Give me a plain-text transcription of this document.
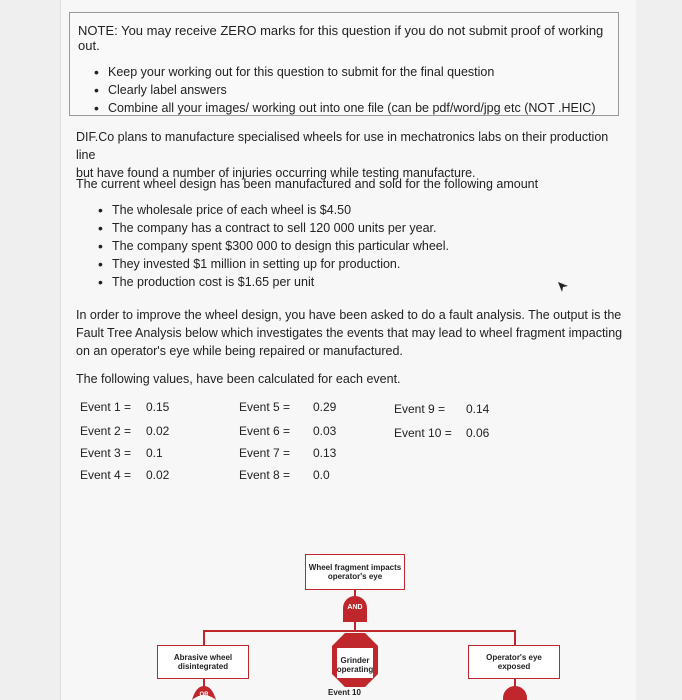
NOTE: You may receive ZERO marks for this question if you do not submit proof of working out.
• Keep your working out for this question to submit for the final question
• Clearly label answers
• Combine all your images/ working out into one file (can be pdf/word/jpg etc (NOT .HEIC)
DIF.Co plans to manufacture specialised wheels for use in mechatronics labs on their production line
but have found a number of injuries occurring while testing manufacture.
The current wheel design has been manufactured and sold for the following amount
• The wholesale price of each wheel is $4.50
• The company has a contract to sell 120 000 units per year.
• The company spent $300 000 to design this particular wheel.
• They invested $1 million in setting up for production.
• The production cost is $1.65 per unit
In order to improve the wheel design, you have been asked to do a fault analysis. The output is the
Fault Tree Analysis below which investigates the events that may lead to wheel fragment impacting
on an operator's eye while being repaired or manufactured.
The following values, have been calculated for each event.
Event 1 = 0.15
Event 2 = 0.02
Event 3 = 0.1
Event 4 = 0.02
Event 5 = 0.29
Event 6 = 0.03
Event 7 = 0.13
Event 8 = 0.0
Event 9 = 0.14
Event 10 = 0.06
Wheel fragment impacts operator's eye
AND
Abrasive wheel disintegrated
OR
Grinder operating
Event 10
Operator's eye exposed
